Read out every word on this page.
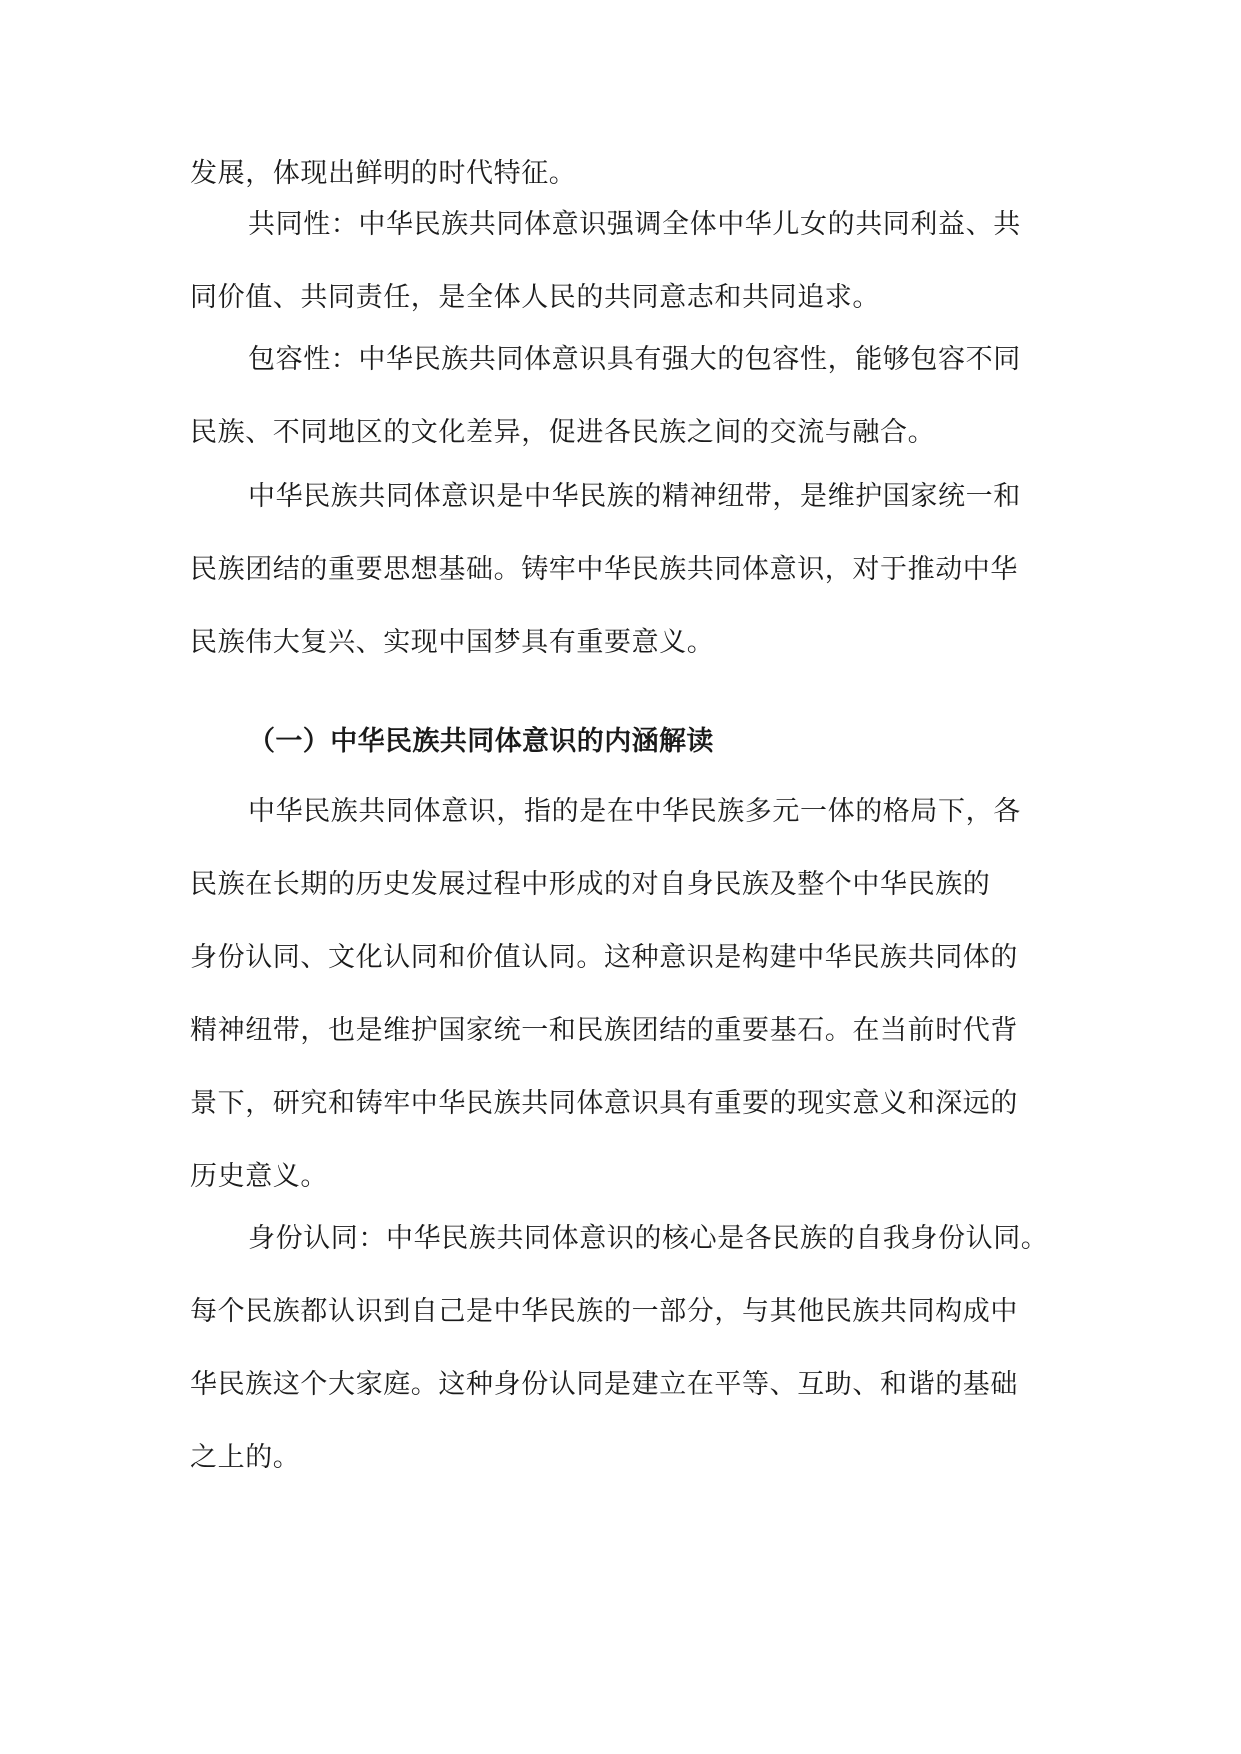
发展，体现出鲜明的时代特征。
共同性：中华民族共同体意识强调全体中华儿女的共同利益、共
同价值、共同责任，是全体人民的共同意志和共同追求。
包容性：中华民族共同体意识具有强大的包容性，能够包容不同
民族、不同地区的文化差异，促进各民族之间的交流与融合。
中华民族共同体意识是中华民族的精神纽带，是维护国家统一和
民族团结的重要思想基础。铸牢中华民族共同体意识，对于推动中华
民族伟大复兴、实现中国梦具有重要意义。
（一）中华民族共同体意识的内涵解读
中华民族共同体意识，指的是在中华民族多元一体的格局下，各
民族在长期的历史发展过程中形成的对自身民族及整个中华民族的
身份认同、文化认同和价值认同。这种意识是构建中华民族共同体的
精神纽带，也是维护国家统一和民族团结的重要基石。在当前时代背
景下，研究和铸牢中华民族共同体意识具有重要的现实意义和深远的
历史意义。
身份认同：中华民族共同体意识的核心是各民族的自我身份认同。
每个民族都认识到自己是中华民族的一部分，与其他民族共同构成中
华民族这个大家庭。这种身份认同是建立在平等、互助、和谐的基础
之上的。
